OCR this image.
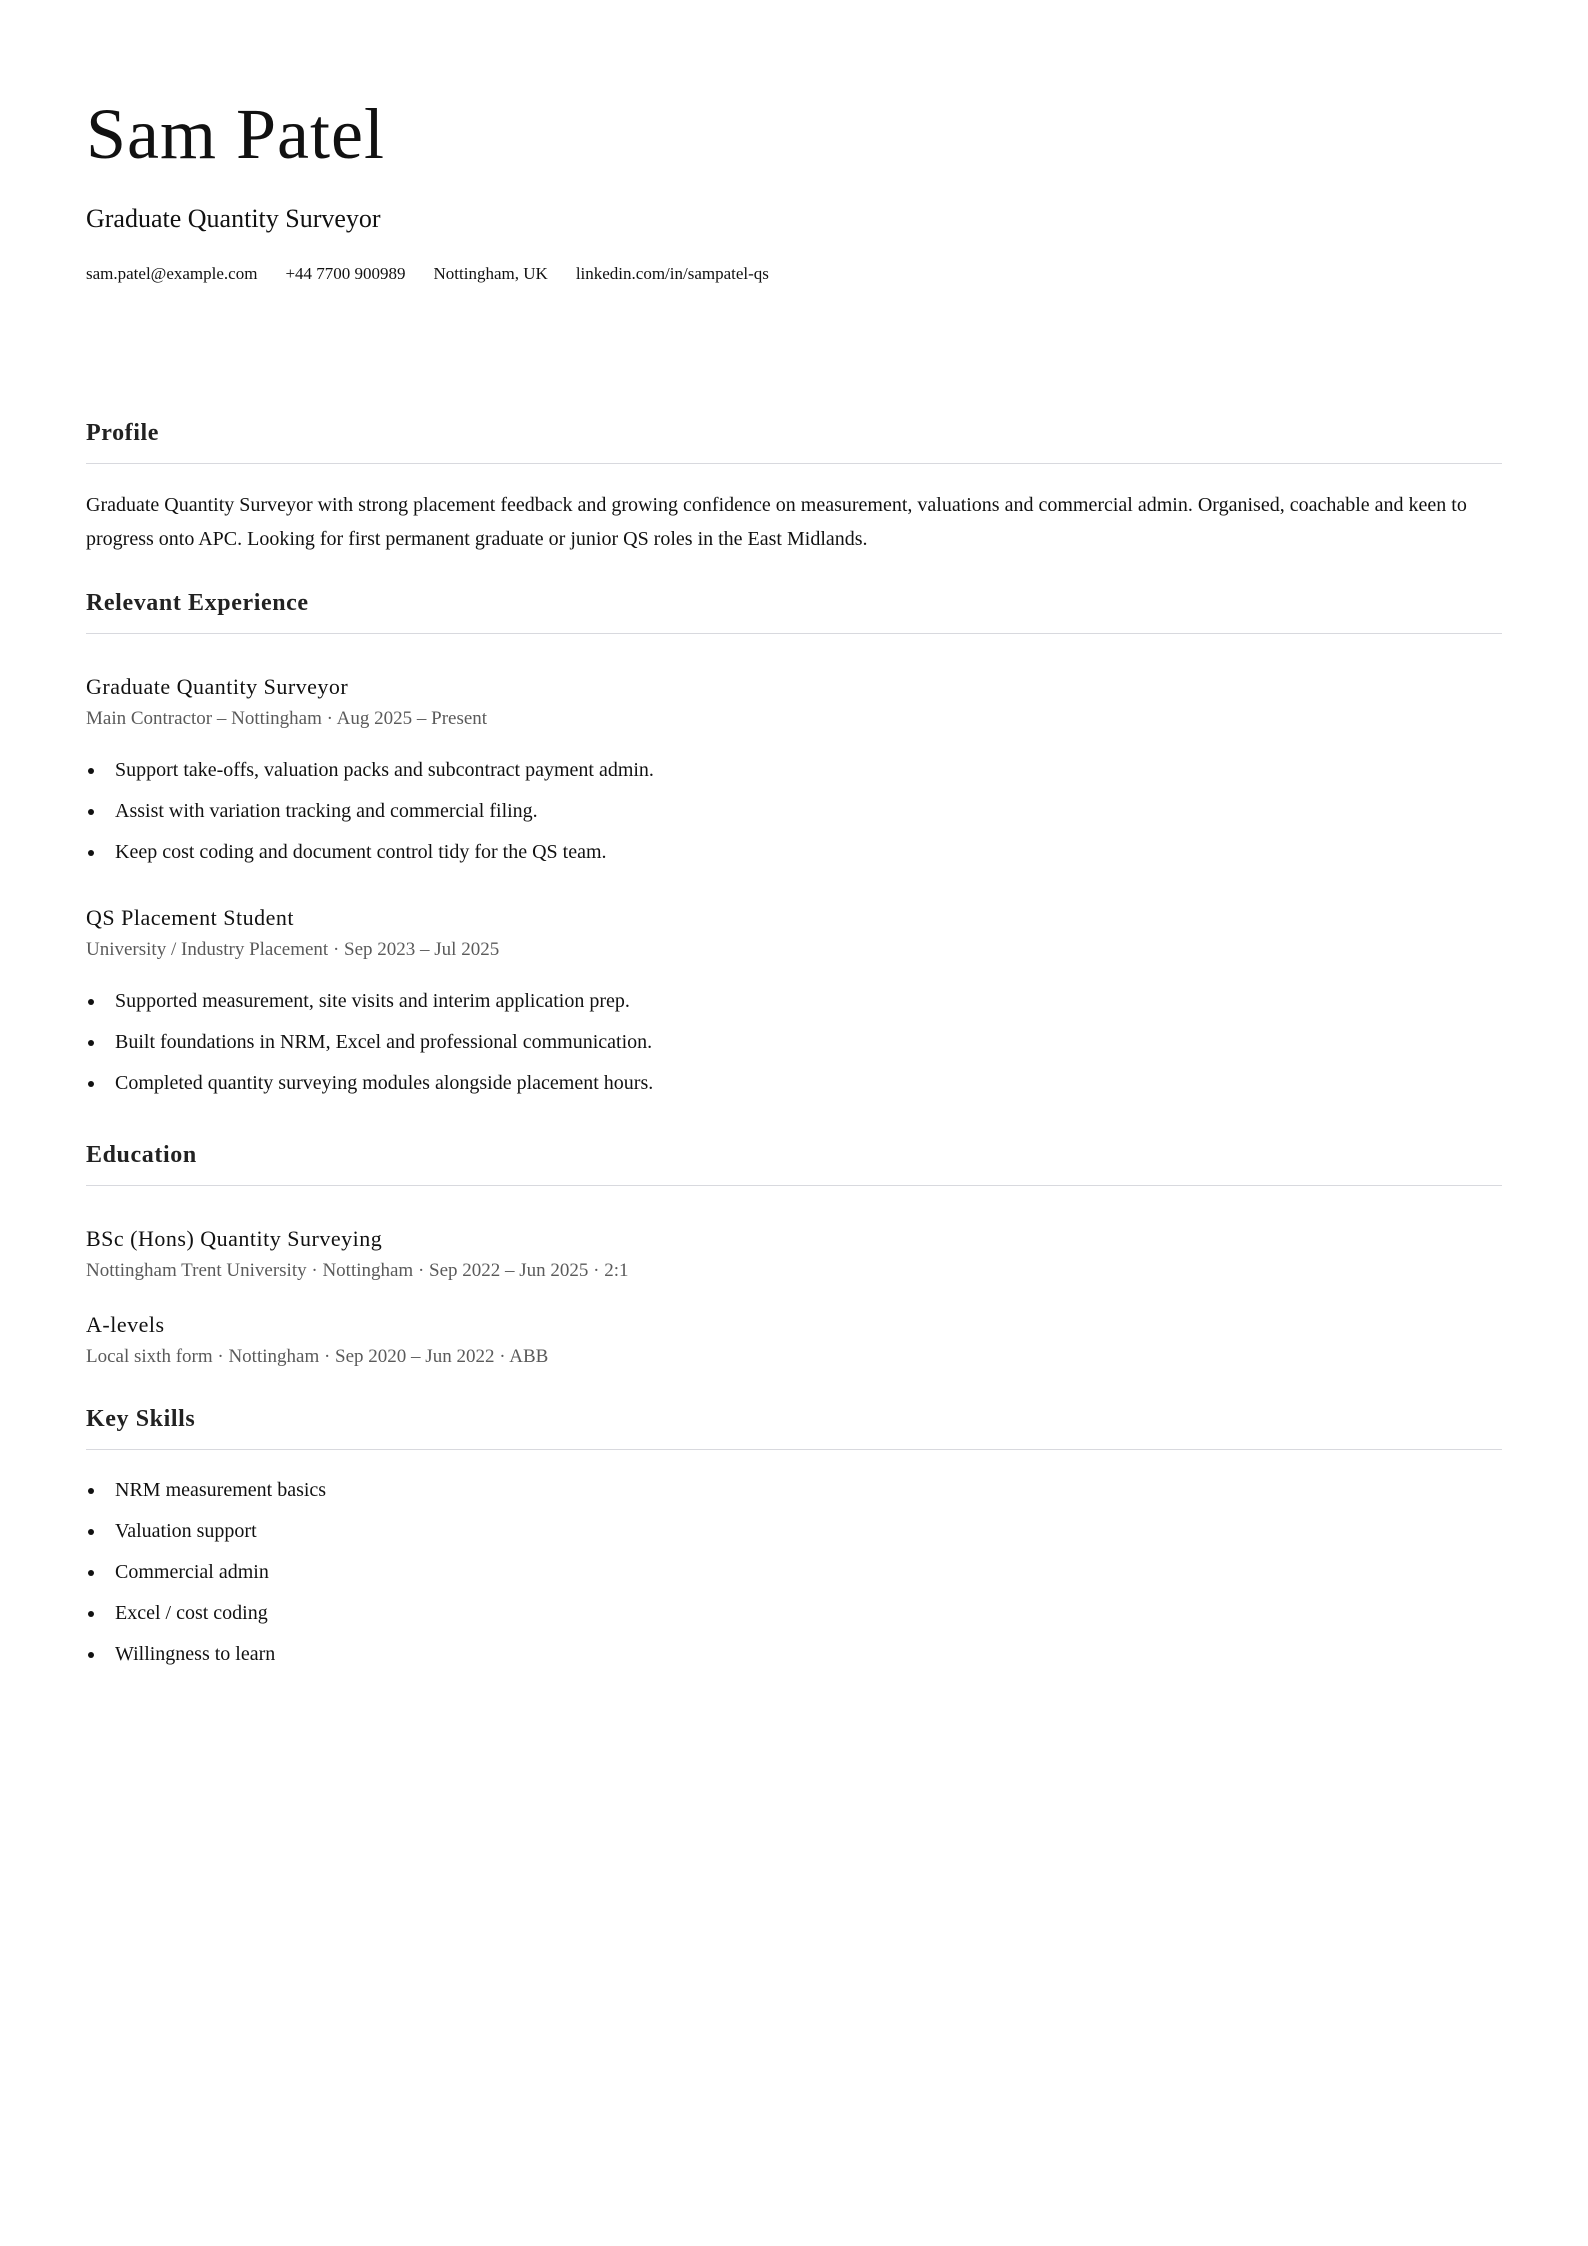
Sam Patel
Graduate Quantity Surveyor
sam.patel@example.com +44 7700 900989 Nottingham, UK linkedin.com/in/sampatel-qs
Profile

Graduate Quantity Surveyor with strong placement feedback and growing confidence on measurement, valuations and commercial admin. Organised, coachable and keen to progress onto APC. Looking for first permanent graduate or junior QS roles in the East Midlands.

Relevant Experience
Graduate Quantity Surveyor
Main Contractor – Nottingham · Aug 2025 – Present
Support take-offs, valuation packs and subcontract payment admin.
Assist with variation tracking and commercial filing.
Keep cost coding and document control tidy for the QS team.
QS Placement Student
University / Industry Placement · Sep 2023 – Jul 2025
Supported measurement, site visits and interim application prep.
Built foundations in NRM, Excel and professional communication.
Completed quantity surveying modules alongside placement hours.
Education
BSc (Hons) Quantity Surveying
Nottingham Trent University · Nottingham · Sep 2022 – Jun 2025 · 2:1
A-levels
Local sixth form · Nottingham · Sep 2020 – Jun 2022 · ABB
Key Skills
NRM measurement basics
Valuation support
Commercial admin
Excel / cost coding
Willingness to learn
